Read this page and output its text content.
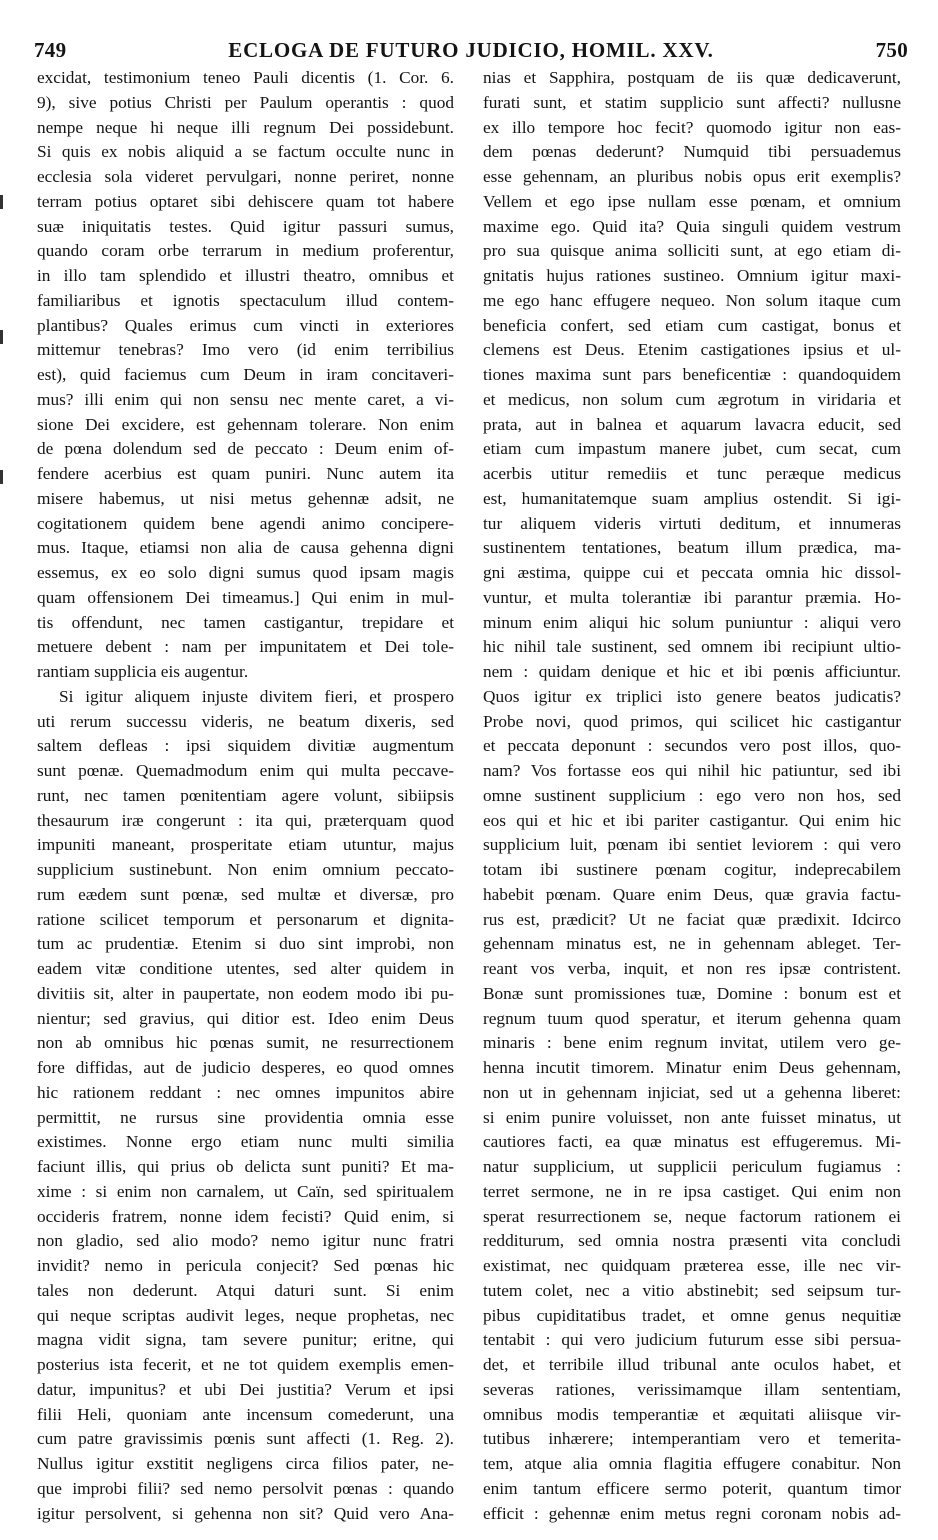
749	ECLOGA DE FUTURO JUDICIO, HOMIL. XXV.	750
excidat, testimonium teneo Pauli dicentis (1. Cor. 6.
9), sive potius Christi per Paulum operantis : quod
nempe neque hi neque illi regnum Dei possidebunt.
Si quis ex nobis aliquid a se factum occulte nunc in
ecclesia sola videret pervulgari, nonne periret, nonne
terram potius optaret sibi dehiscere quam tot habere
suæ iniquitatis testes. Quid igitur passuri sumus,
quando coram orbe terrarum in medium proferentur,
in illo tam splendido et illustri theatro, omnibus et
familiaribus et ignotis spectaculum illud contem-
plantibus? Quales erimus cum vincti in exteriores
mittemur tenebras? Imo vero (id enim terribilius
est), quid faciemus cum Deum in iram concitaveri-
mus? illi enim qui non sensu nec mente caret, a vi-
sione Dei excidere, est gehennam tolerare. Non enim
de pœna dolendum sed de peccato : Deum enim of-
fendere acerbius est quam puniri. Nunc autem ita
misere habemus, ut nisi metus gehennæ adsit, ne
cogitationem quidem bene agendi animo conciperе-
mus. Itaque, etiamsi non alia de causa gehenna digni
essemus, ex eo solo digni sumus quod ipsam magis
quam offensionem Dei timeamus.] Qui enim in mul-
tis offendunt, nec tamen castigantur, trepidare et
metuere debent : nam per impunitatem et Dei tole-
rantiam supplicia eis augentur.
Si igitur aliquem injuste divitem fieri, et prospero
uti rerum successu videris, ne beatum dixeris, sed
saltem defleas : ipsi siquidem divitiæ augmentum
sunt pœnæ. Quemadmodum enim qui multa peccave-
runt, nec tamen pœnitentiam agere volunt, sibiipsis
thesaurum iræ congerunt : ita qui, præterquam quod
impuniti maneant, prosperitate etiam utuntur, majus
supplicium sustinebunt. Non enim omnium peccato-
rum eædem sunt pœnæ, sed multæ et diversæ, pro
ratione scilicet temporum et personarum et dignita-
tum ac prudentiæ. Etenim si duo sint improbi, non
eadem vitæ conditione utentes, sed alter quidem in
divitiis sit, alter in paupertate, non eodem modo ibi pu-
nientur; sed gravius, qui ditior est. Ideo enim Deus
non ab omnibus hic pœnas sumit, ne resurrectionem
fore diffidas, aut de judicio desperes, eo quod omnes
hic rationem reddant : nec omnes impunitos abire
permittit, ne rursus sine providentia omnia esse
existimes. Nonne ergo etiam nunc multi similia
faciunt illis, qui prius ob delicta sunt puniti? Et ma-
xime : si enim non carnalem, ut Caïn, sed spiritualem
occideris fratrem, nonne idem fecisti? Quid enim, si
non gladio, sed alio modo? nemo igitur nunc fratri
invidit? nemo in pericula conjecit? Sed pœnas hic
tales non dederunt. Atqui daturi sunt. Si enim
qui neque scriptas audivit leges, neque prophetas, nec
magna vidit signa, tam severe punitur; eritne, qui
posterius ista fecerit, et ne tot quidem exemplis emen-
datur, impunitus? et ubi Dei justitia? Verum et ipsi
filii Heli, quoniam ante incensum comederunt, una
cum patre gravissimis pœnis sunt affecti (1. Reg. 2).
Nullus igitur exstitit negligens circa filios pater, ne-
que improbi filii? sed nemo persolvit pœnas : quando
igitur persolvent, si gehenna non sit? Quid vero Ana-
nias et Sapphira, postquam de iis quæ dedicaverunt,
furati sunt, et statim supplicio sunt affecti? nullusne
ex illo tempore hoc fecit? quomodo igitur non eas-
dem pœnas dederunt? Numquid tibi persuademus
esse gehennam, an pluribus nobis opus erit exemplis?
Vellem et ego ipse nullam esse pœnam, et omnium
maxime ego. Quid ita? Quia singuli quidem vestrum
pro sua quisque anima solliciti sunt, at ego etiam di-
gnitatis hujus rationes sustineo. Omnium igitur maxi-
me ego hanc effugere nequeo. Non solum itaque cum
beneficia confert, sed etiam cum castigat, bonus et
clemens est Deus. Etenim castigationes ipsius et ul-
tiones maxima sunt pars beneficentiæ : quandoquidem
et medicus, non solum cum ægrotum in viridaria et
prata, aut in balnea et aquarum lavacra educit, sed
etiam cum impastum manere jubet, cum secat, cum
acerbis utitur remediis et tunc peræque medicus
est, humanitatemque suam amplius ostendit. Si igi-
tur aliquem videris virtuti deditum, et innumeras
sustinentem tentationes, beatum illum prædica, ma-
gni æstima, quippe cui et peccata omnia hic dissol-
vuntur, et multa tolerantiæ ibi parantur præmia. Ho-
minum enim aliqui hic solum puniuntur : aliqui vero
hic nihil tale sustinent, sed omnem ibi recipiunt ultio-
nem : quidam denique et hic et ibi pœnis afficiuntur.
Quos igitur ex triplici isto genere beatos judicatis?
Probe novi, quod primos, qui scilicet hic castigantur
et peccata deponunt : secundos vero post illos, quo-
nam? Vos fortasse eos qui nihil hic patiuntur, sed ibi
omne sustinent supplicium : ego vero non hos, sed
eos qui et hic et ibi pariter castigantur. Qui enim hic
supplicium luit, pœnam ibi sentiet leviorem : qui vero
totam ibi sustinere pœnam cogitur, indeprecabilem
habebit pœnam. Quare enim Deus, quæ gravia factu-
rus est, prædicit? Ut ne faciat quæ prædixit. Idcirco
gehennam minatus est, ne in gehennam ableget. Ter-
reant vos verba, inquit, et non res ipsæ contristent.
Bonæ sunt promissiones tuæ, Domine : bonum est et
regnum tuum quod speratur, et iterum gehenna quam
minaris : bene enim regnum invitat, utilem vero ge-
henna incutit timorem. Minatur enim Deus gehennam,
non ut in gehennam injiciat, sed ut a gehenna liberet:
si enim punire voluisset, non ante fuisset minatus, ut
cautiores facti, ea quæ minatus est effugeremus. Mi-
natur supplicium, ut supplicii periculum fugiamus :
terret sermone, ne in re ipsa castiget. Qui enim non
sperat resurrectionem se, neque factorum rationem ei
redditurum, sed omnia nostra præsenti vita concludi
existimat, nec quidquam præterea esse, ille nec vir-
tutem colet, nec a vitio abstinebit; sed seipsum tur-
pibus cupiditatibus tradet, et omne genus nequitiæ
tentabit : qui vero judicium futurum esse sibi persua-
det, et terribile illud tribunal ante oculos habet, et
severas rationes, verissimamque illam sententiam,
omnibus modis temperantiæ et æquitati aliisque vir-
tutibus inhærere; intemperantiam vero et temerita-
tem, atque alia omnia flagitia effugere conabitur. Non
enim tantum efficere sermo poterit, quantum timor
efficit : gehennæ enim metus regni coronam nobis ad-
